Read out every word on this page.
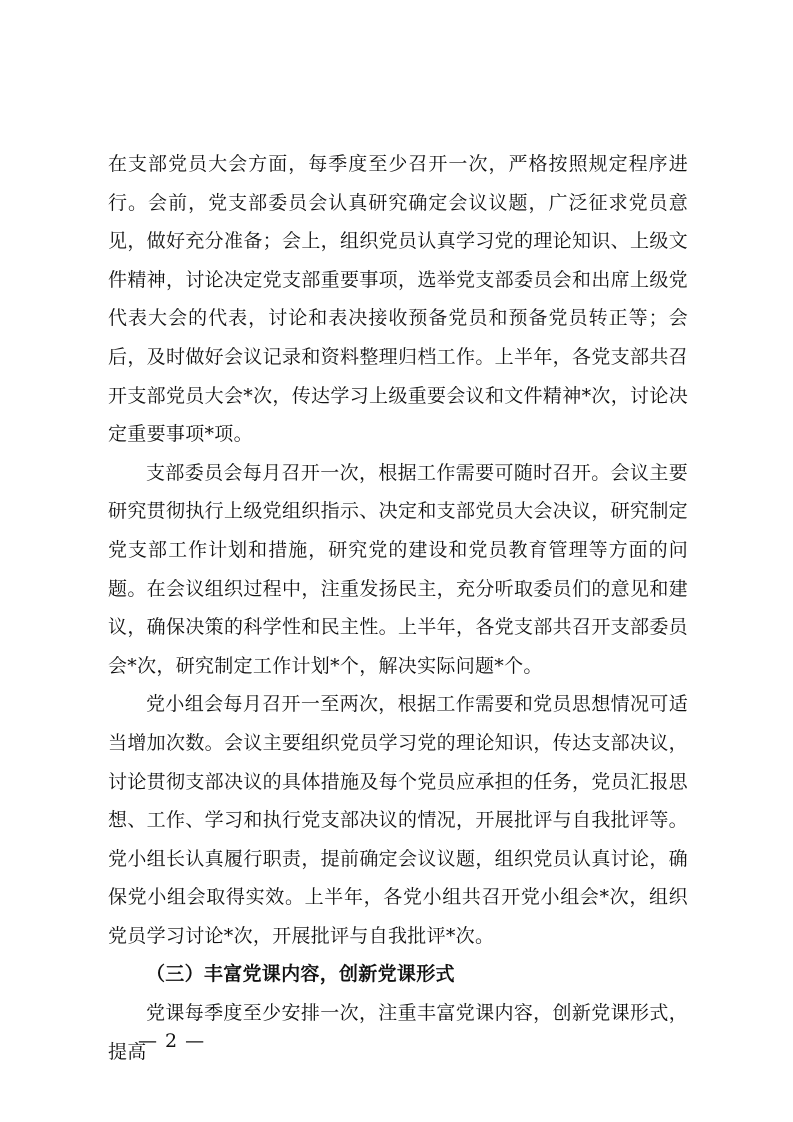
在支部党员大会方面，每季度至少召开一次，严格按照规定程序进行。会前，党支部委员会认真研究确定会议议题，广泛征求党员意见，做好充分准备；会上，组织党员认真学习党的理论知识、上级文件精神，讨论决定党支部重要事项，选举党支部委员会和出席上级党代表大会的代表，讨论和表决接收预备党员和预备党员转正等；会后，及时做好会议记录和资料整理归档工作。上半年，各党支部共召开支部党员大会*次，传达学习上级重要会议和文件精神*次，讨论决定重要事项*项。

支部委员会每月召开一次，根据工作需要可随时召开。会议主要研究贯彻执行上级党组织指示、决定和支部党员大会决议，研究制定党支部工作计划和措施，研究党的建设和党员教育管理等方面的问题。在会议组织过程中，注重发扬民主，充分听取委员们的意见和建议，确保决策的科学性和民主性。上半年，各党支部共召开支部委员会*次，研究制定工作计划*个，解决实际问题*个。

党小组会每月召开一至两次，根据工作需要和党员思想情况可适当增加次数。会议主要组织党员学习党的理论知识，传达支部决议，讨论贯彻支部决议的具体措施及每个党员应承担的任务，党员汇报思想、工作、学习和执行党支部决议的情况，开展批评与自我批评等。党小组长认真履行职责，提前确定会议议题，组织党员认真讨论，确保党小组会取得实效。上半年，各党小组共召开党小组会*次，组织党员学习讨论*次，开展批评与自我批评*次。

（三）丰富党课内容，创新党课形式

党课每季度至少安排一次，注重丰富党课内容，创新党课形式，提高

— 2 —
